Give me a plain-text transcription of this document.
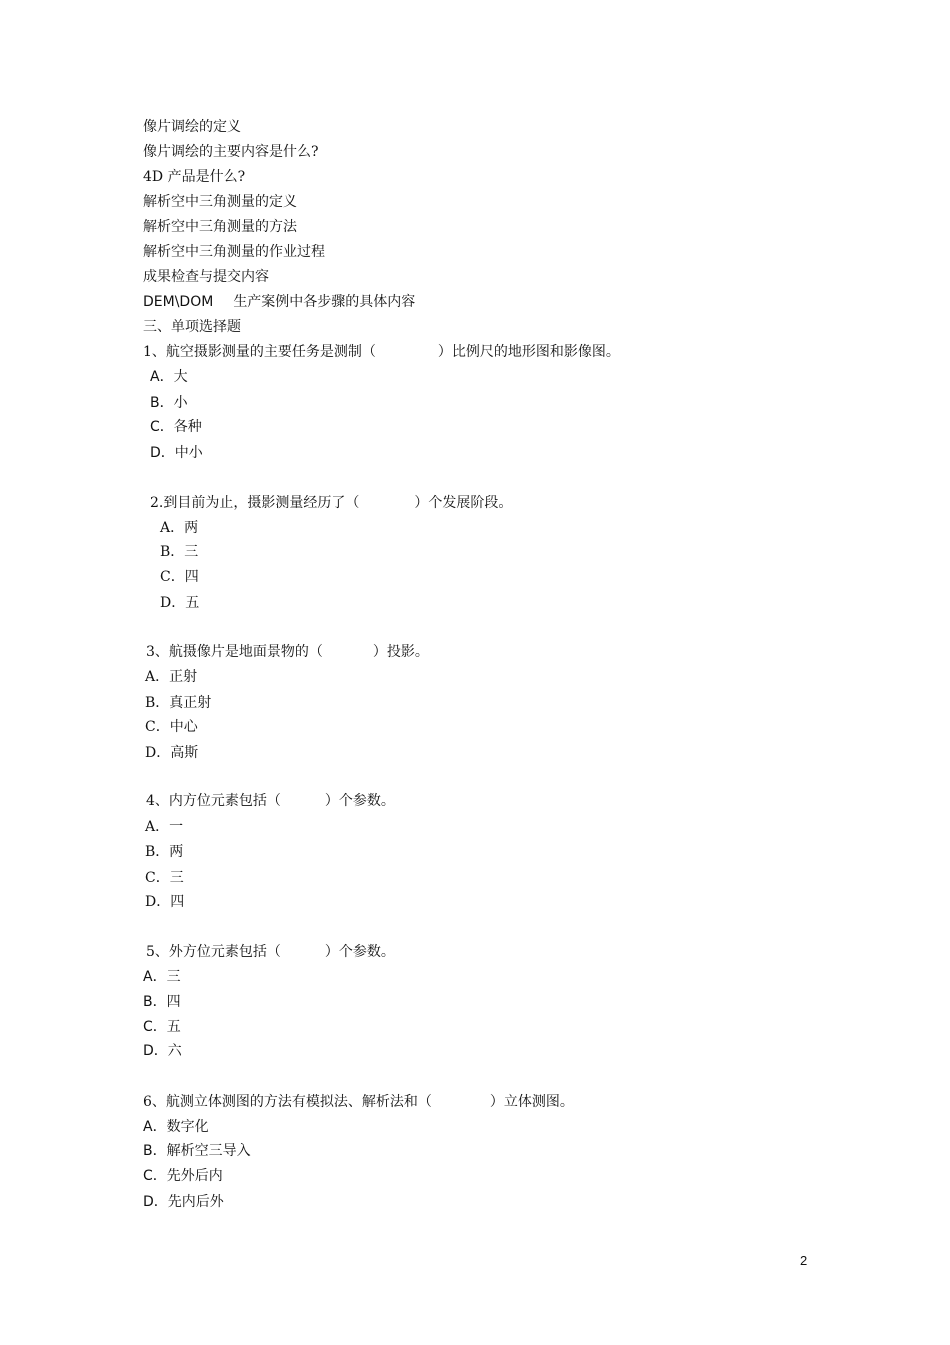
像片调绘的定义
像片调绘的主要内容是什么?
4D 产品是什么?
解析空中三角测量的定义
解析空中三角测量的方法
解析空中三角测量的作业过程
成果检查与提交内容
DEM\DOM 生产案例中各步骤的具体内容
三、单项选择题
1、航空摄影测量的主要任务是测制（	）比例尺的地形图和影像图。
A．大
B．小
C．各种
D．中小
2.到目前为止，摄影测量经历了（	）个发展阶段。
A．两
B．三
C．四
D．五
3、航摄像片是地面景物的（	）投影。
A．正射
B．真正射
C．中心
D．高斯
4、内方位元素包括（	）个参数。
A．一
B．两
C．三
D．四
5、外方位元素包括（	）个参数。
A．三
B．四
C．五
D．六
6、航测立体测图的方法有模拟法、解析法和（	）立体测图。
A．数字化
B．解析空三导入
C．先外后内
D．先内后外
2
